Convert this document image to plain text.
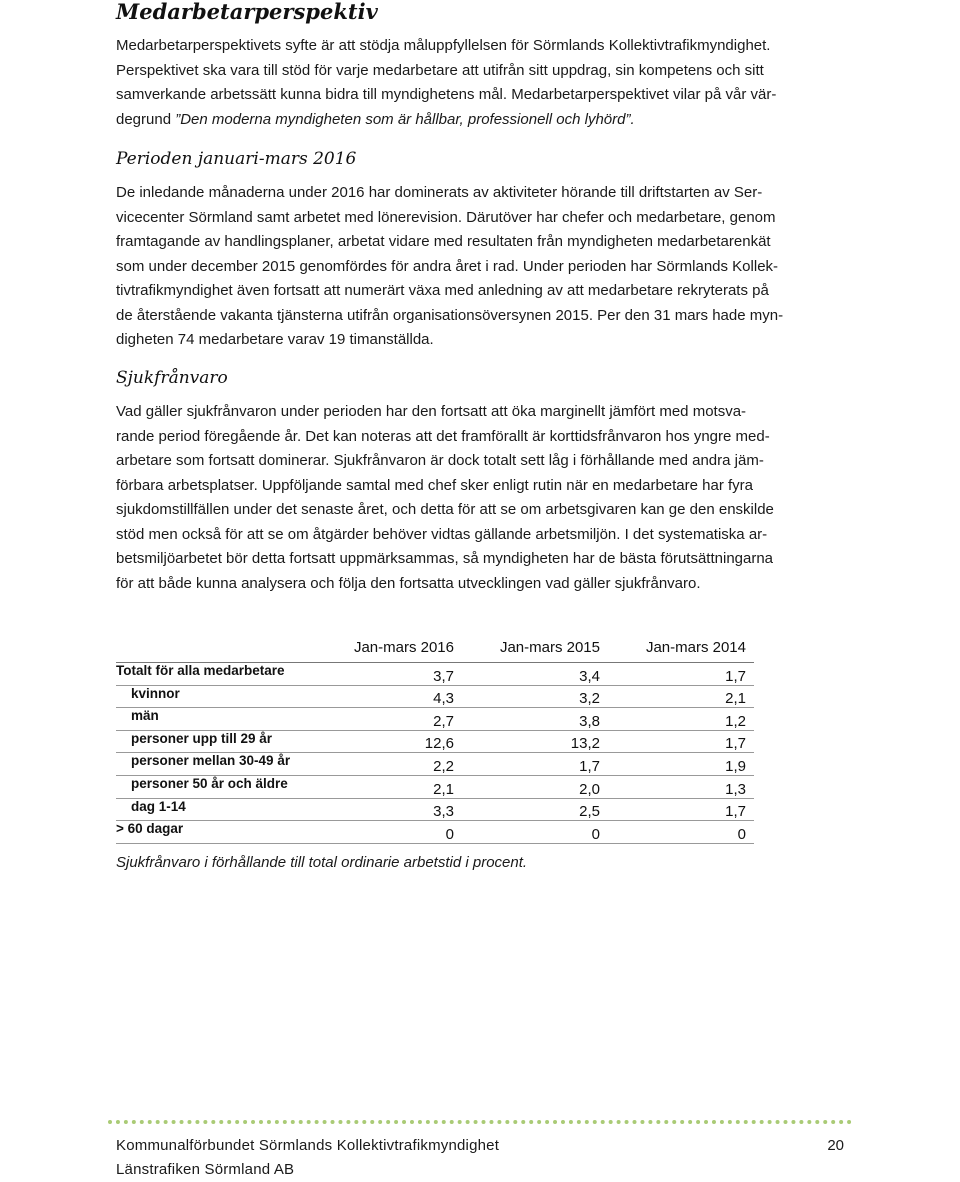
Medarbetarperspektiv
Medarbetarperspektivets syfte är att stödja måluppfyllelsen för Sörmlands Kollektivtrafikmyndighet.
Perspektivet ska vara till stöd för varje medarbetare att utifrån sitt uppdrag, sin kompetens och sitt
samverkande arbetssätt kunna bidra till myndighetens mål. Medarbetarperspektivet vilar på vår vär-
degrund ”Den moderna myndigheten som är hållbar, professionell och lyhörd”.
Perioden januari-mars 2016
De inledande månaderna under 2016 har dominerats av aktiviteter hörande till driftstarten av Ser-
vicecenter Sörmland samt arbetet med lönerevision. Därutöver har chefer och medarbetare, genom
framtagande av handlingsplaner, arbetat vidare med resultaten från myndigheten medarbetarenkät
som under december 2015 genomfördes för andra året i rad. Under perioden har Sörmlands Kollek-
tivtrafikmyndighet även fortsatt att numerärt växa med anledning av att medarbetare rekryterats på
de återstående vakanta tjänsterna utifrån organisationsöversynen 2015. Per den 31 mars hade myn-
digheten 74 medarbetare varav 19 timanställda.
Sjukfrånvaro
Vad gäller sjukfrånvaron under perioden har den fortsatt att öka marginellt jämfört med motsva-
rande period föregående år. Det kan noteras att det framförallt är korttidsfrånvaron hos yngre med-
arbetare som fortsatt dominerar. Sjukfrånvaron är dock totalt sett låg i förhållande med andra jäm-
förbara arbetsplatser. Uppföljande samtal med chef sker enligt rutin när en medarbetare har fyra
sjukdomstillfällen under det senaste året, och detta för att se om arbetsgivaren kan ge den enskilde
stöd men också för att se om åtgärder behöver vidtas gällande arbetsmiljön. I det systematiska ar-
betsmiljöarbetet bör detta fortsatt uppmärksammas, så myndigheten har de bästa förutsättningarna
för att både kunna analysera och följa den fortsatta utvecklingen vad gäller sjukfrånvaro.
	Jan-mars 2016	Jan-mars 2015	Jan-mars 2014
Totalt för alla medarbetare	3,7	3,4	1,7
kvinnor	4,3	3,2	2,1
män	2,7	3,8	1,2
personer upp till 29 år	12,6	13,2	1,7
personer mellan 30-49 år	2,2	1,7	1,9
personer 50 år och äldre	2,1	2,0	1,3
dag 1-14	3,3	2,5	1,7
> 60 dagar	0	0	0

Sjukfrånvaro i förhållande till total ordinarie arbetstid i procent.

Kommunalförbundet Sörmlands Kollektivtrafikmyndighet
Länstrafiken Sörmland AB
20
